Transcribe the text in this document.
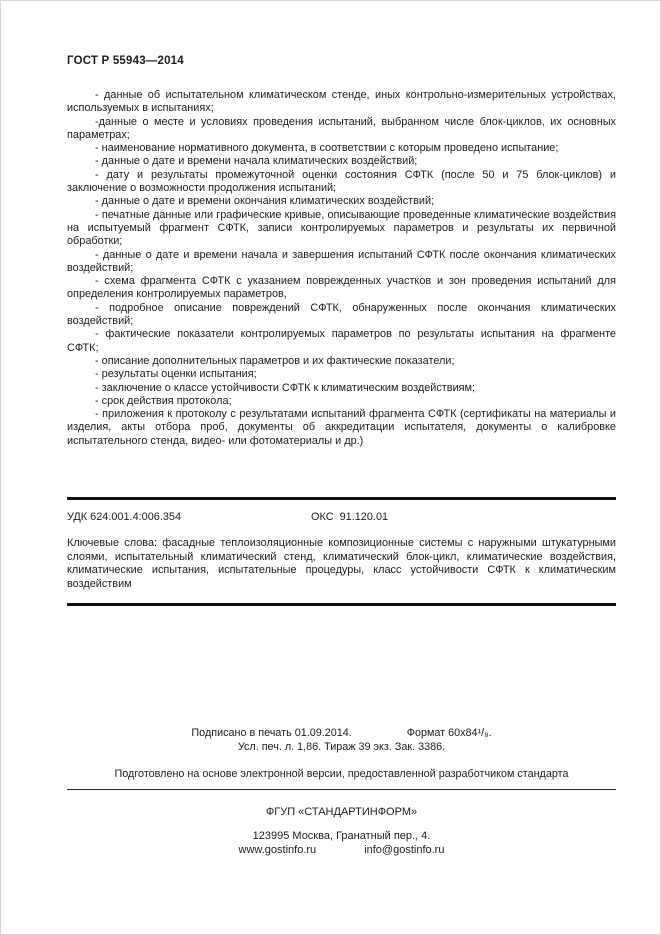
ГОСТ Р 55943—2014

- данные об испытательном климатическом стенде, иных контрольно-измерительных устройствах, используемых в испытаниях;

-данные о месте и условиях проведения испытаний, выбранном числе блок-циклов, их основных параметрах;

- наименование нормативного документа, в соответствии с которым проведено испытание;

- данные о дате и времени начала климатических воздействий;

- дату и результаты промежуточной оценки состояния СФТК (после 50 и 75 блок-циклов) и заключение о возможности продолжения испытаний;

- данные о дате и времени окончания климатических воздействий;

- печатные данные или графические кривые, описывающие проведенные климатические воздействия на испытуемый фрагмент СФТК, записи контролируемых параметров и результаты их первичной обработки;

- данные о дате и времени начала и завершения испытаний СФТК после окончания климатических воздействий;

- схема фрагмента СФТК с указанием поврежденных участков и зон проведения испытаний для определения контролируемых параметров,

- подробное описание повреждений СФТК, обнаруженных после окончания климатических воздействий;

- фактические показатели контролируемых параметров по результаты испытания на фрагменте СФТК;

- описание дополнительных параметров и их фактические показатели;

- результаты оценки испытания;

- заключение о классе устойчивости СФТК к климатическим воздействиям;

- срок действия протокола;

- приложения к протоколу с результатами испытаний фрагмента СФТК (сертификаты на материалы и изделия, акты отбора проб, документы об аккредитации испытателя, документы о калибровке испытательного стенда, видео- или фотоматериалы и др.)

УДК 624.001.4:006.354	ОКС  91.120.01

Ключевые слова: фасадные теплоизоляционные композиционные системы с наружными штукатурными слоями, испытательный климатический стенд, климатический блок-цикл, климатические воздействия, климатические испытания, испытательные процедуры, класс устойчивости СФТК к климатическим воздействим

Подписано в печать 01.09.2014.	Формат 60х84¹/₈.
Усл. печ. л. 1,86. Тираж 39 экз. Зак. 3386.
Подготовлено на основе электронной версии, предоставленной разработчиком стандарта
ФГУП «СТАНДАРТИНФОРМ»
123995 Москва, Гранатный пер., 4.
www.gostinfo.ru	info@gostinfo.ru
